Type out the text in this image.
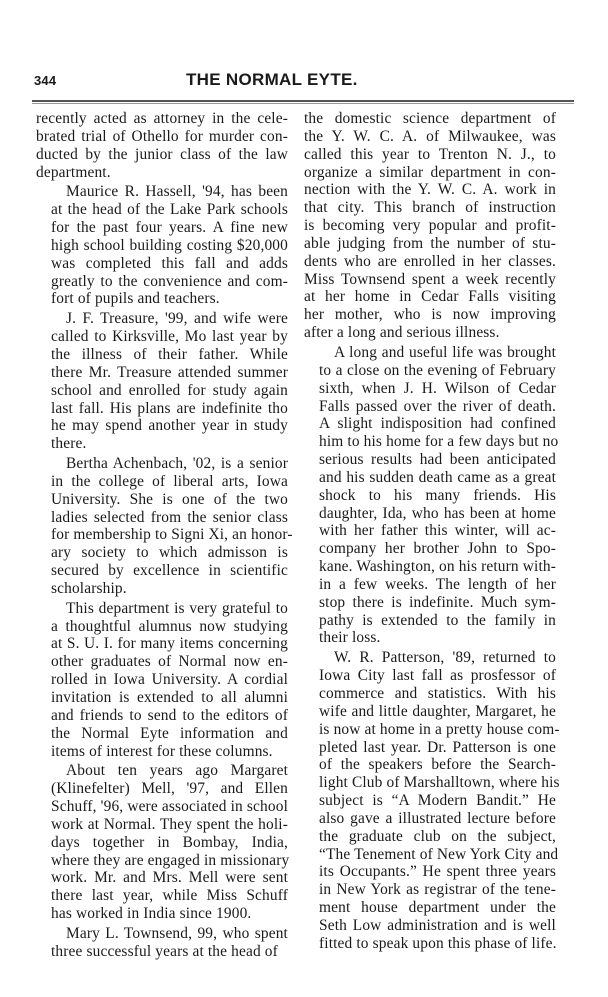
344	THE NORMAL EYTE.
recently acted as attorney in the cele-
brated trial of Othello for murder con-
ducted by the junior class of the law
department.
Maurice R. Hassell, '94, has been
at the head of the Lake Park schools
for the past four years. A fine new
high school building costing $20,000
was completed this fall and adds
greatly to the convenience and com-
fort of pupils and teachers.
J. F. Treasure, '99, and wife were
called to Kirksville, Mo last year by
the illness of their father. While
there Mr. Treasure attended summer
school and enrolled for study again
last fall. His plans are indefinite tho
he may spend another year in study
there.
Bertha Achenbach, '02, is a senior
in the college of liberal arts, Iowa
University. She is one of the two
ladies selected from the senior class
for membership to Signi Xi, an honor-
ary society to which admisson is
secured by excellence in scientific
scholarship.
This department is very grateful to
a thoughtful alumnus now studying
at S. U. I. for many items concerning
other graduates of Normal now en-
rolled in Iowa University. A cordial
invitation is extended to all alumni
and friends to send to the editors of
the Normal Eyte information and
items of interest for these columns.
About ten years ago Margaret
(Klinefelter) Mell, '97, and Ellen
Schuff, '96, were associated in school
work at Normal. They spent the holi-
days together in Bombay, India,
where they are engaged in missionary
work. Mr. and Mrs. Mell were sent
there last year, while Miss Schuff
has worked in India since 1900.
Mary L. Townsend, 99, who spent
three successful years at the head of
the domestic science department of
the Y. W. C. A. of Milwaukee, was
called this year to Trenton N. J., to
organize a similar department in con-
nection with the Y. W. C. A. work in
that city. This branch of instruction
is becoming very popular and profit-
able judging from the number of stu-
dents who are enrolled in her classes.
Miss Townsend spent a week recently
at her home in Cedar Falls visiting
her mother, who is now improving
after a long and serious illness.
A long and useful life was brought
to a close on the evening of February
sixth, when J. H. Wilson of Cedar
Falls passed over the river of death.
A slight indisposition had confined
him to his home for a few days but no
serious results had been anticipated
and his sudden death came as a great
shock to his many friends. His
daughter, Ida, who has been at home
with her father this winter, will ac-
company her brother John to Spo-
kane. Washington, on his return with-
in a few weeks. The length of her
stop there is indefinite. Much sym-
pathy is extended to the family in
their loss.
W. R. Patterson, '89, returned to
Iowa City last fall as prosfessor of
commerce and statistics. With his
wife and little daughter, Margaret, he
is now at home in a pretty house com-
pleted last year. Dr. Patterson is one
of the speakers before the Search-
light Club of Marshalltown, where his
subject is “A Modern Bandit.” He
also gave a illustrated lecture before
the graduate club on the subject,
“The Tenement of New York City and
its Occupants.” He spent three years
in New York as registrar of the tene-
ment house department under the
Seth Low administration and is well
fitted to speak upon this phase of life.
